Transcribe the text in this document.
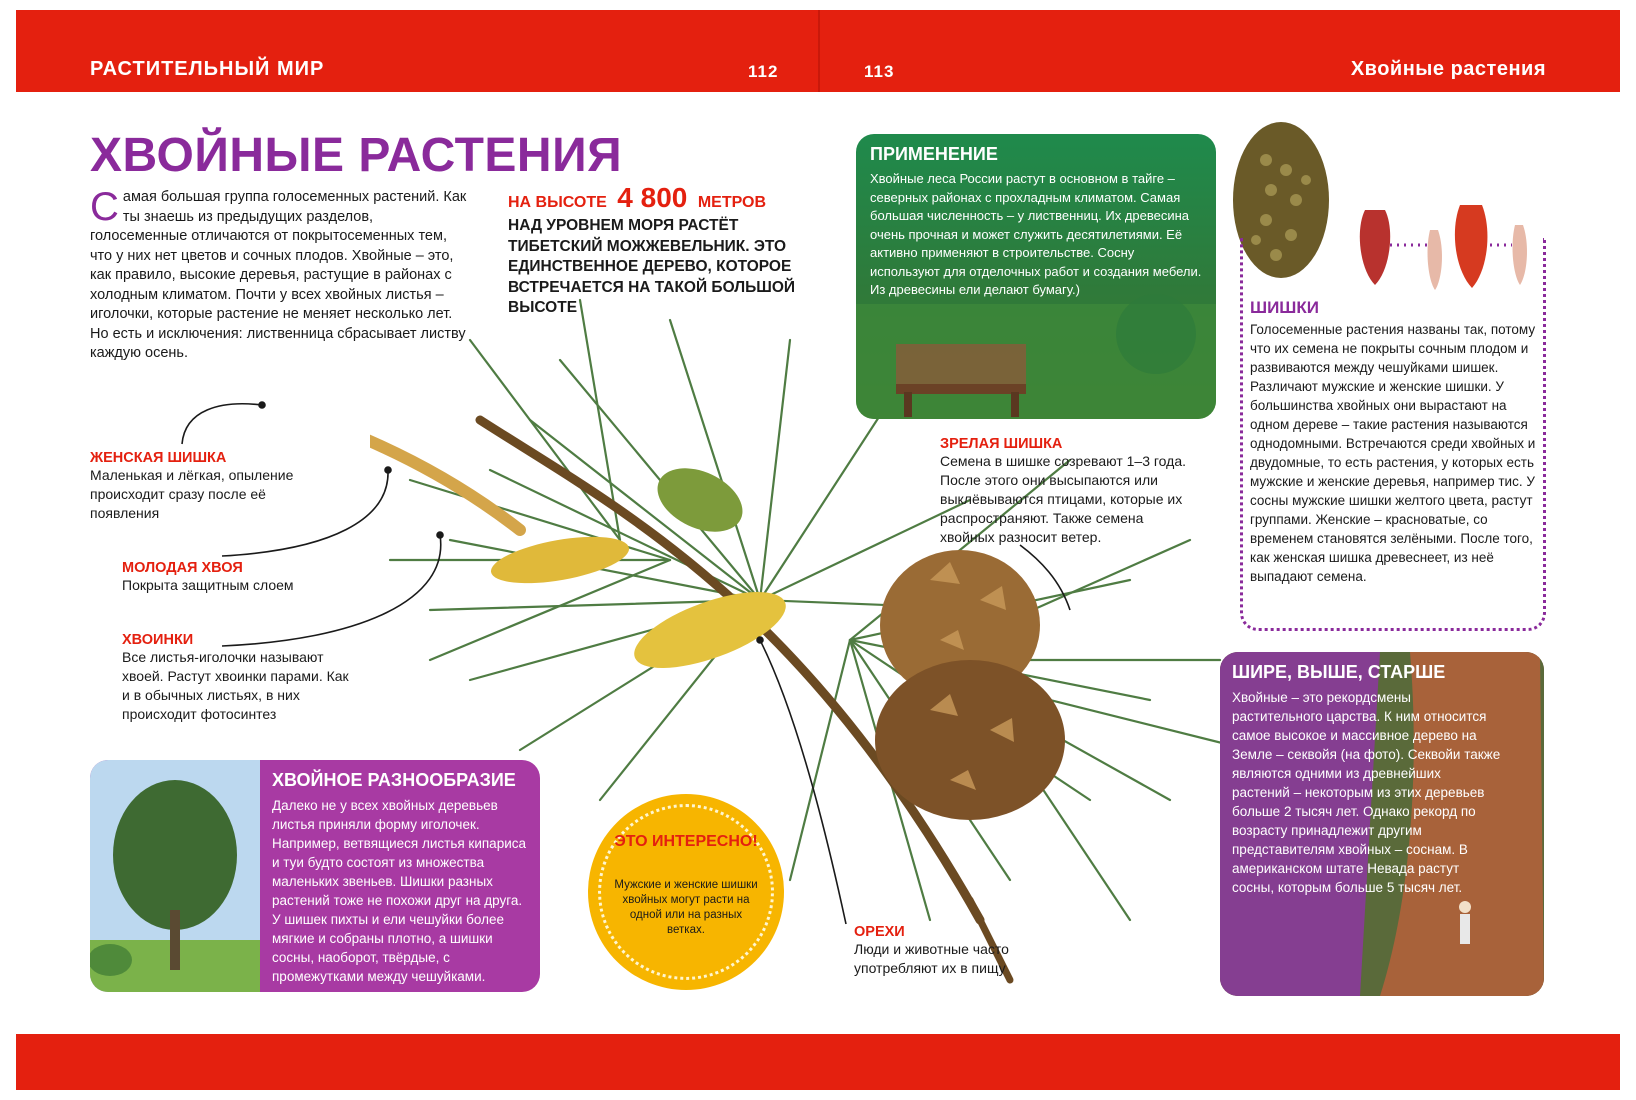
РАСТИТЕЛЬНЫЙ МИР	112	113	Хвойные растения
ХВОЙНЫЕ РАСТЕНИЯ
С амая большая группа голосеменных растений. Как ты знаешь из предыдущих разделов, голосеменные отличаются от покрытосеменных тем, что у них нет цветов и сочных плодов. Хвойные – это, как правило, высокие деревья, растущие в районах с холодным климатом. Почти у всех хвойных листья – иголочки, которые растение не меняет несколько лет. Но есть и исключения: лиственница сбрасывает листву каждую осень.
НА ВЫСОТЕ 4 800 МЕТРОВ
НАД УРОВНЕМ МОРЯ РАСТЁТ ТИБЕТСКИЙ МОЖЖЕВЕЛЬНИК. ЭТО ЕДИНСТВЕННОЕ ДЕРЕВО, КОТОРОЕ ВСТРЕЧАЕТСЯ НА ТАКОЙ БОЛЬШОЙ ВЫСОТЕ
ЖЕНСКАЯ ШИШКА
Маленькая и лёгкая, опыление происходит сразу после её появления
МОЛОДАЯ ХВОЯ
Покрыта защитным слоем
ХВОИНКИ
Все листья-иголочки называют хвоей. Растут хвоинки парами. Как и в обычных листьях, в них происходит фотосинтез
ЗРЕЛАЯ ШИШКА
Семена в шишке созревают 1–3 года. После этого они высыпаются или выклёвываются птицами, которые их распространяют. Также семена хвойных разносит ветер.
ОРЕХИ
Люди и животные часто употребляют их в пищу
ПРИМЕНЕНИЕ
Хвойные леса России растут в основном в тайге – северных районах с прохладным климатом. Самая большая численность – у лиственниц. Их древесина очень прочная и может служить десятилетиями. Её активно применяют в строительстве. Сосну используют для отделочных работ и создания мебели. Из древесины ели делают бумагу.)
ШИШКИ
Голосеменные растения названы так, потому что их семена не покрыты сочным плодом и развиваются между чешуйками шишек. Различают мужские и женские шишки. У большинства хвойных они вырастают на одном дереве – такие растения называются однодомными. Встречаются среди хвойных и двудомные, то есть растения, у которых есть мужские и женские деревья, например тис. У сосны мужские шишки желтого цвета, растут группами. Женские – красноватые, со временем становятся зелёными. После того, как женская шишка древеснеет, из неё выпадают семена.
ХВОЙНОЕ РАЗНООБРАЗИЕ
Далеко не у всех хвойных деревьев листья приняли форму иголочек. Например, ветвящиеся листья кипариса и туи будто состоят из множества маленьких звеньев. Шишки разных растений тоже не похожи друг на друга. У шишек пихты и ели чешуйки более мягкие и собраны плотно, а шишки сосны, наоборот, твёрдые, с промежутками между чешуйками.
ЭТО ИНТЕРЕСНО!
Мужские и женские шишки хвойных могут расти на одной или на разных ветках.
ШИРЕ, ВЫШЕ, СТАРШЕ
Хвойные – это рекордсмены растительного царства. К ним относится самое высокое и массивное дерево на Земле – секвойя (на фото). Секвойи также являются одними из древнейших растений – некоторым из этих деревьев больше 2 тысяч лет. Однако рекорд по возрасту принадлежит другим представителям хвойных – соснам. В американском штате Невада растут сосны, которым больше 5 тысяч лет.
